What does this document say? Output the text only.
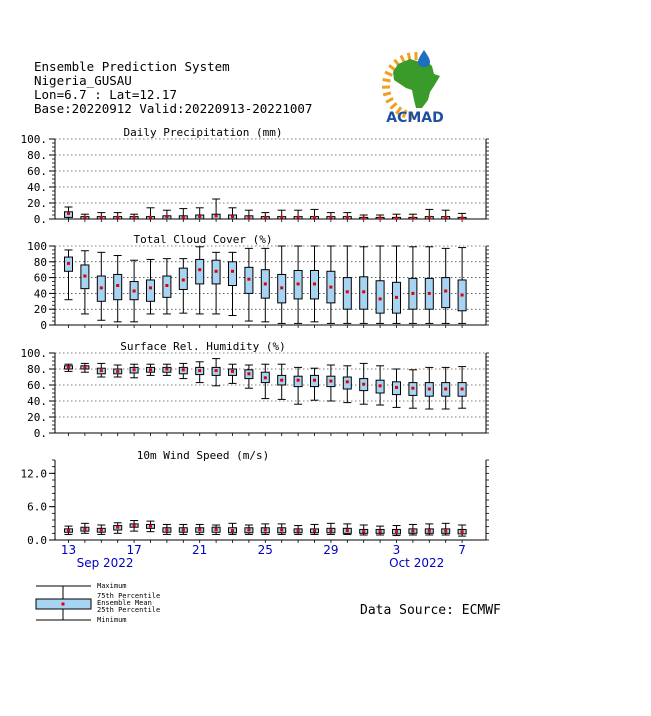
Ensemble Prediction System
Nigeria_GUSAU
Lon=6.7 : Lat=12.17
Base:20220912 Valid:20220913-20221007
ACMAD
0.
20.
40.
60.
80.
100.
Daily Precipitation (mm)
0
20
40
60
80
100
Total Cloud Cover (%)
0.
20.
40.
60.
80.
100.
Surface Rel. Humidity (%)
0.0
6.0
12.0
10m Wind Speed (m/s)
13	17	21	25	29	3	7
Sep 2022	Oct 2022
Data Source: ECMWF
Maximum
75th Percentile
Ensemble Mean
25th Percentile
Minimum
